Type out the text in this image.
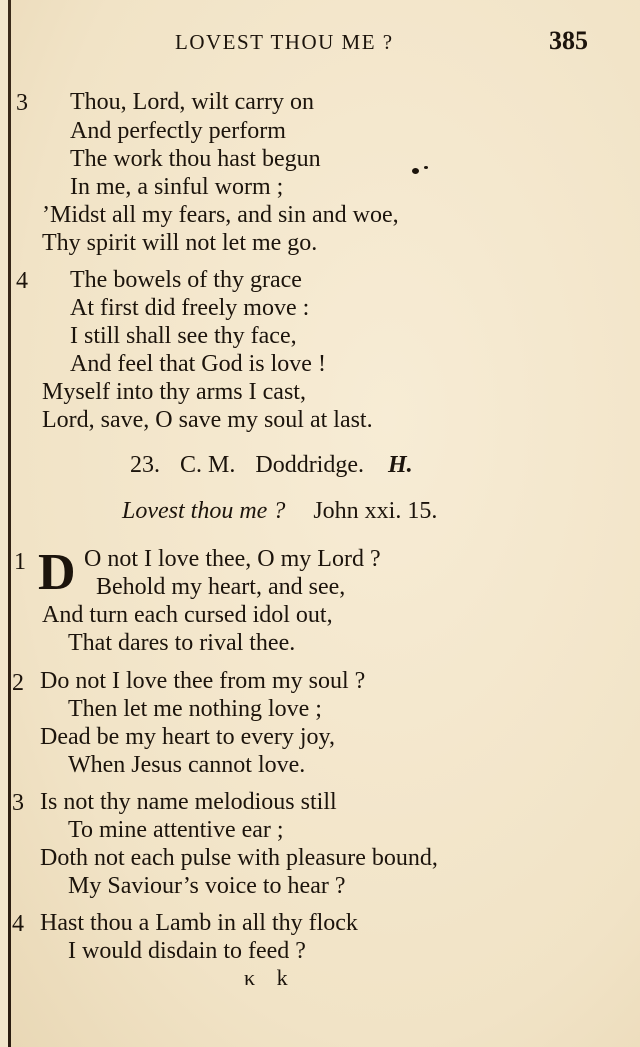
LOVEST THOU ME ?	385
3 Thou, Lord, wilt carry on
And perfectly perform
The work thou hast begun
In me, a sinful worm ;
’Midst all my fears, and sin and woe,
Thy spirit will not let me go.
4 The bowels of thy grace
At first did freely move :
I still shall see thy face,
And feel that God is love !
Myself into thy arms I cast,
Lord, save, O save my soul at last.
23. C. M. Doddridge. H.
Lovest thou me ? John xxi. 15.
1 D O not I love thee, O my Lord ?
Behold my heart, and see,
And turn each cursed idol out,
That dares to rival thee.
2 Do not I love thee from my soul ?
Then let me nothing love ;
Dead be my heart to every joy,
When Jesus cannot love.
3 Is not thy name melodious still
To mine attentive ear ;
Doth not each pulse with pleasure bound,
My Saviour’s voice to hear ?
4 Hast thou a Lamb in all thy flock
I would disdain to feed ?
κ k
